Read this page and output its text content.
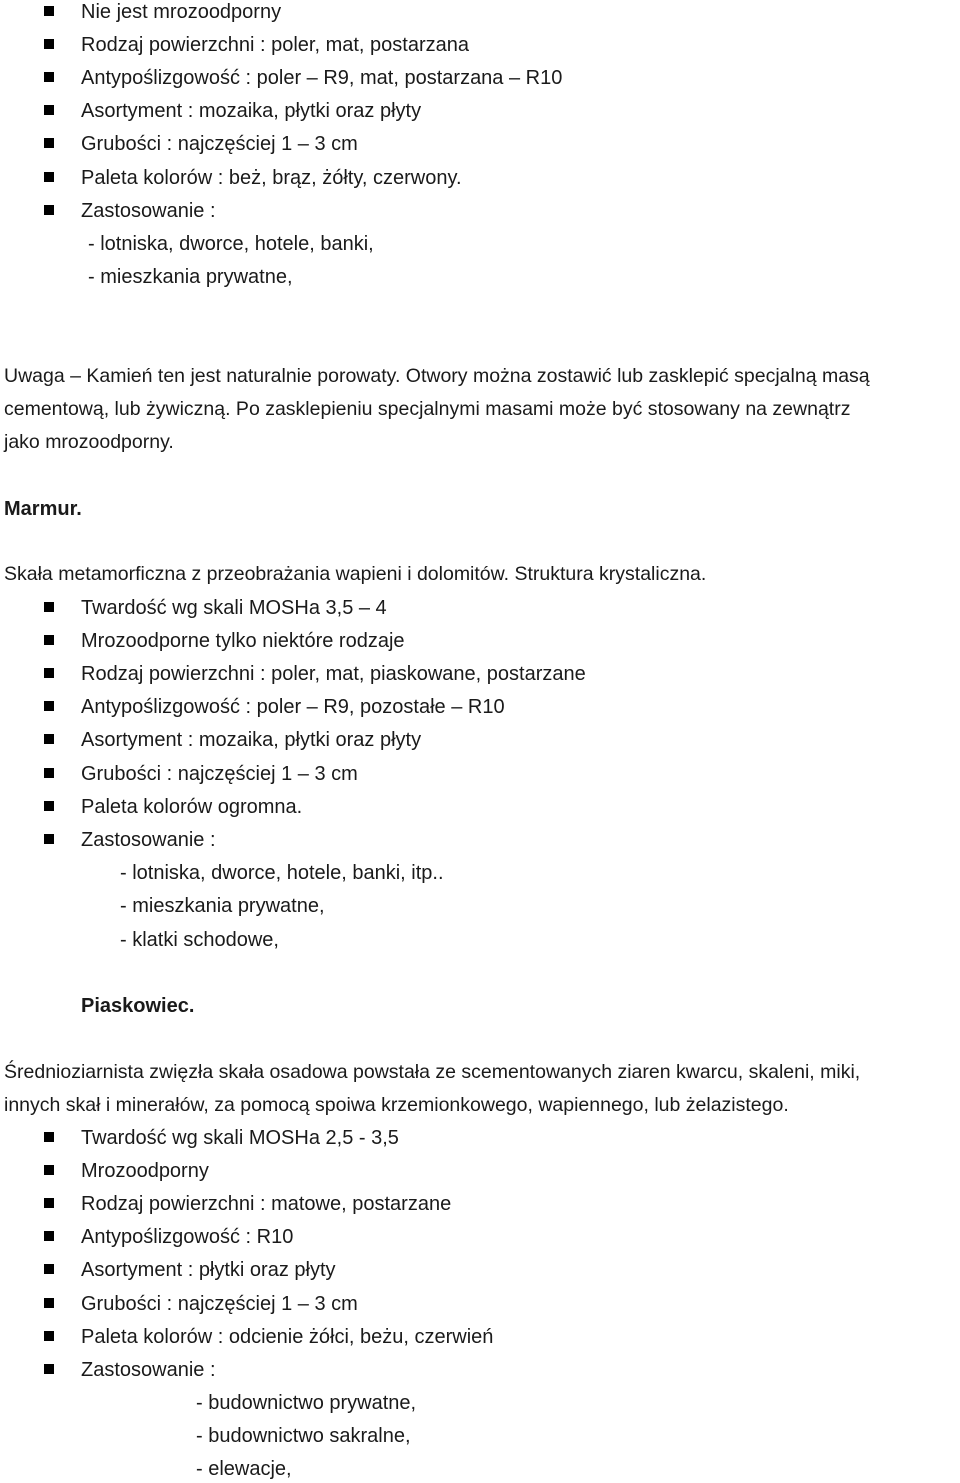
Nie jest mrozoodporny
Rodzaj powierzchni : poler, mat, postarzana
Antypoślizgowość : poler – R9, mat, postarzana – R10
Asortyment : mozaika, płytki oraz płyty
Grubości : najczęściej 1 – 3 cm
Paleta kolorów : beż, brąz, żółty, czerwony.
Zastosowanie :
- lotniska, dworce, hotele, banki,
- mieszkania prywatne,
Uwaga – Kamień ten jest naturalnie porowaty. Otwory można zostawić lub zasklepić specjalną masą
cementową, lub żywiczną. Po zasklepieniu specjalnymi masami może być stosowany na zewnątrz
jako mrozoodporny.
Marmur.
Skała metamorficzna z przeobrażania wapieni i dolomitów. Struktura krystaliczna.
Twardość wg skali MOSHa 3,5 – 4
Mrozoodporne tylko niektóre rodzaje
Rodzaj powierzchni : poler, mat, piaskowane, postarzane
Antypoślizgowość : poler – R9, pozostałe – R10
Asortyment : mozaika, płytki oraz płyty
Grubości : najczęściej 1 – 3 cm
Paleta kolorów ogromna.
Zastosowanie :
- lotniska, dworce, hotele, banki, itp..
- mieszkania prywatne,
- klatki schodowe,
Piaskowiec.
Średnioziarnista zwięzła skała osadowa powstała ze scementowanych ziaren kwarcu, skaleni, miki,
innych skał i minerałów, za pomocą spoiwa krzemionkowego, wapiennego, lub żelazistego.
Twardość wg skali MOSHa 2,5 - 3,5
Mrozoodporny
Rodzaj powierzchni : matowe, postarzane
Antypoślizgowość : R10
Asortyment : płytki oraz płyty
Grubości : najczęściej 1 – 3 cm
Paleta kolorów : odcienie żółci, beżu, czerwień
Zastosowanie :
- budownictwo prywatne,
- budownictwo sakralne,
- elewacje,
